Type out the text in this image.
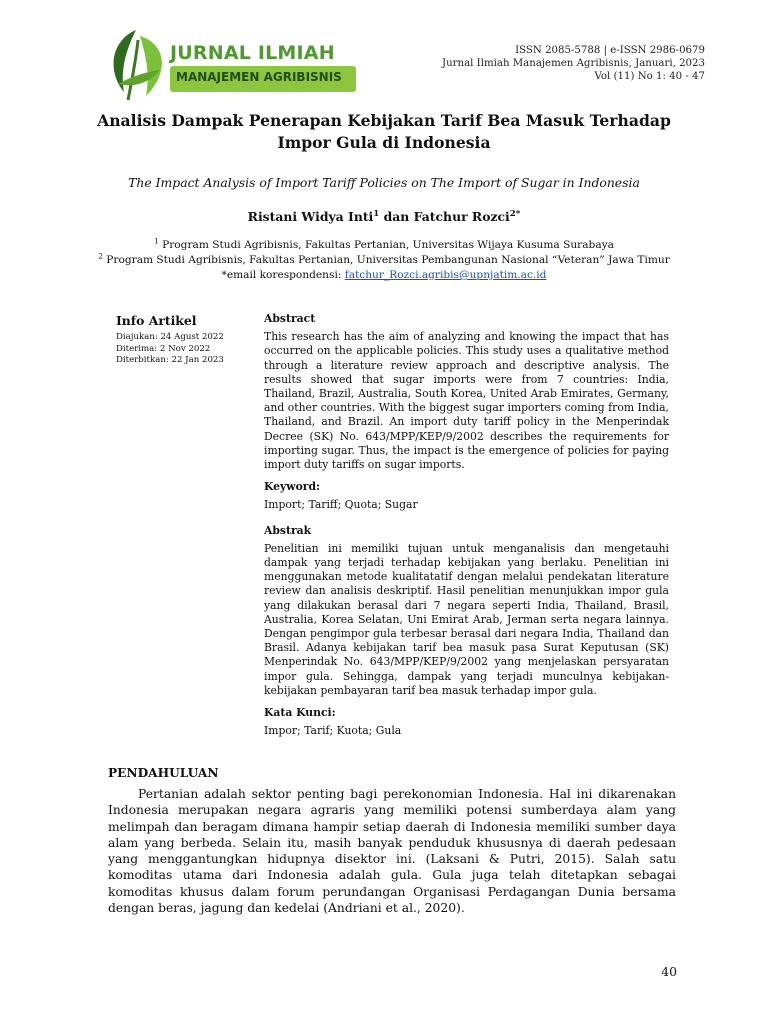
JURNAL ILMIAH
MANAJEMEN AGRIBISNIS
ISSN 2085-5788 | e-ISSN 2986-0679
Jurnal Ilmiah Manajemen Agribisnis, Januari, 2023
Vol (11) No 1: 40 - 47
Analisis Dampak Penerapan Kebijakan Tarif Bea Masuk Terhadap
Impor Gula di Indonesia
The Impact Analysis of Import Tariff Policies on The Import of Sugar in Indonesia
Ristani Widya Inti$^1$ dan Fatchur Rozci$^{2*}$
$^1$ Program Studi Agribisnis, Fakultas Pertanian, Universitas Wijaya Kusuma Surabaya
$^2$ Program Studi Agribisnis, Fakultas Pertanian, Universitas Pembangunan Nasional “Veteran” Jawa Timur
*email korespondensi: fatchur_Rozci.agribis@upnjatim.ac.id
Info Artikel
Diajukan: 24 Agust 2022
Diterima: 2 Nov 2022
Diterbitkan: 22 Jan 2023
Abstract
This research has the aim of analyzing and knowing the impact that has occurred on the applicable policies. This study uses a qualitative method through a literature review approach and descriptive analysis. The results showed that sugar imports were from 7 countries: India, Thailand, Brazil, Australia, South Korea, United Arab Emirates, Germany, and other countries. With the biggest sugar importers coming from India, Thailand, and Brazil. An import duty tariff policy in the Menperindak Decree (SK) No. 643/MPP/KEP/9/2002 describes the requirements for importing sugar. Thus, the impact is the emergence of policies for paying import duty tariffs on sugar imports.
Keyword:
Import; Tariff; Quota; Sugar
Abstrak
Penelitian ini memiliki tujuan untuk menganalisis dan mengetauhi dampak yang terjadi terhadap kebijakan yang berlaku. Penelitian ini menggunakan metode kualitatatif dengan melalui pendekatan literature review dan analisis deskriptif. Hasil penelitian menunjukkan impor gula yang dilakukan berasal dari 7 negara seperti India, Thailand, Brasil, Australia, Korea Selatan, Uni Emirat Arab, Jerman serta negara lainnya. Dengan pengimpor gula terbesar berasal dari negara India, Thailand dan Brasil. Adanya kebijakan tarif bea masuk pasa Surat Keputusan (SK) Menperindak No. 643/MPP/KEP/9/2002 yang menjelaskan persyaratan impor gula. Sehingga, dampak yang terjadi munculnya kebijakan-kebijakan pembayaran tarif bea masuk terhadap impor gula.
Kata Kunci:
Impor; Tarif; Kuota; Gula
PENDAHULUAN

Pertanian adalah sektor penting bagi perekonomian Indonesia. Hal ini dikarenakan Indonesia merupakan negara agraris yang memiliki potensi sumberdaya alam yang melimpah dan beragam dimana hampir setiap daerah di Indonesia memiliki sumber daya alam yang berbeda. Selain itu, masih banyak penduduk khususnya di daerah pedesaan yang menggantungkan hidupnya disektor ini. (Laksani & Putri, 2015). Salah satu komoditas utama dari Indonesia adalah gula. Gula juga telah ditetapkan sebagai komoditas khusus dalam forum perundangan Organisasi Perdagangan Dunia bersama dengan beras, jagung dan kedelai (Andriani et al., 2020).

40
